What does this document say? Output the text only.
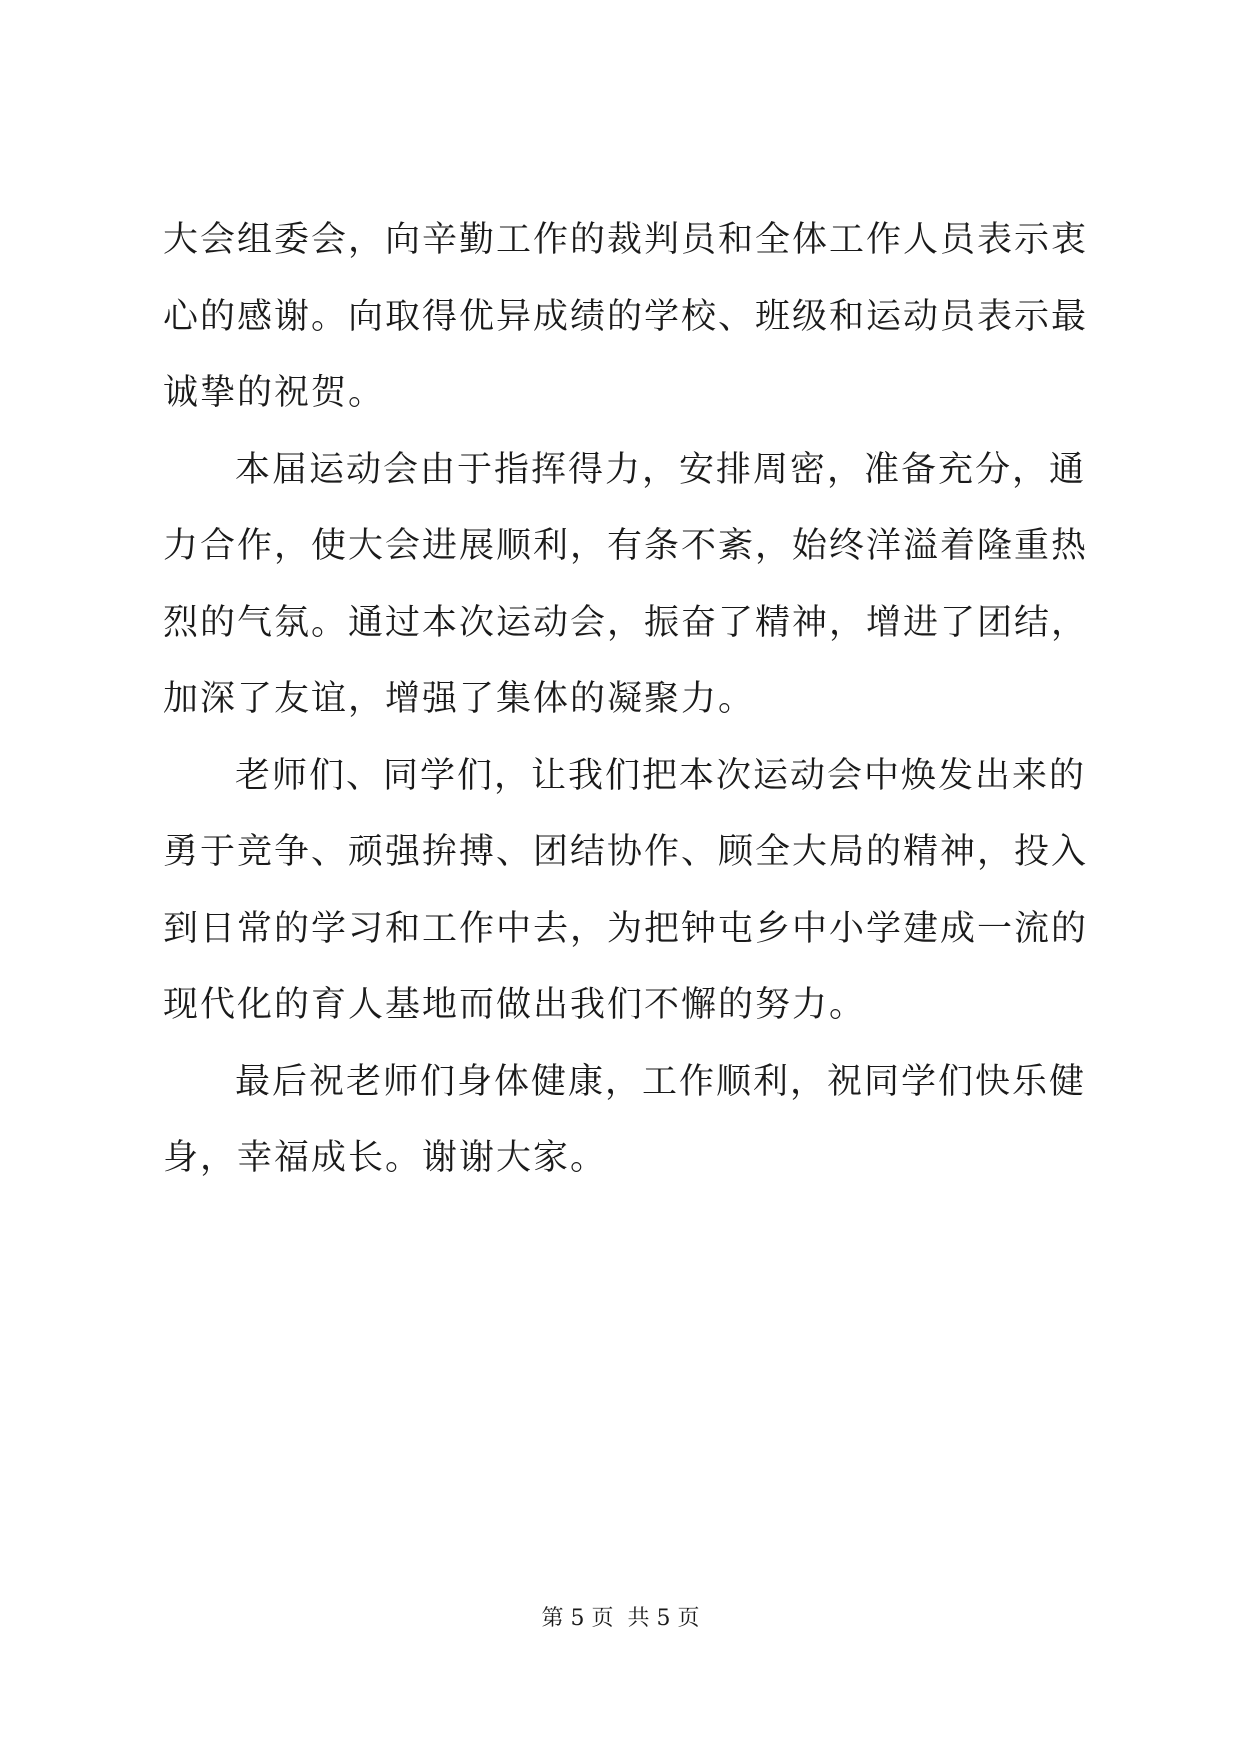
大会组委会，向辛勤工作的裁判员和全体工作人员表示衷心的感谢。向取得优异成绩的学校、班级和运动员表示最诚挚的祝贺。

本届运动会由于指挥得力，安排周密，准备充分，通力合作，使大会进展顺利，有条不紊，始终洋溢着隆重热烈的气氛。通过本次运动会，振奋了精神，增进了团结，加深了友谊，增强了集体的凝聚力。

老师们、同学们，让我们把本次运动会中焕发出来的勇于竞争、顽强拚搏、团结协作、顾全大局的精神，投入到日常的学习和工作中去，为把钟屯乡中小学建成一流的现代化的育人基地而做出我们不懈的努力。

最后祝老师们身体健康，工作顺利，祝同学们快乐健身，幸福成长。谢谢大家。

第 5 页 共 5 页
